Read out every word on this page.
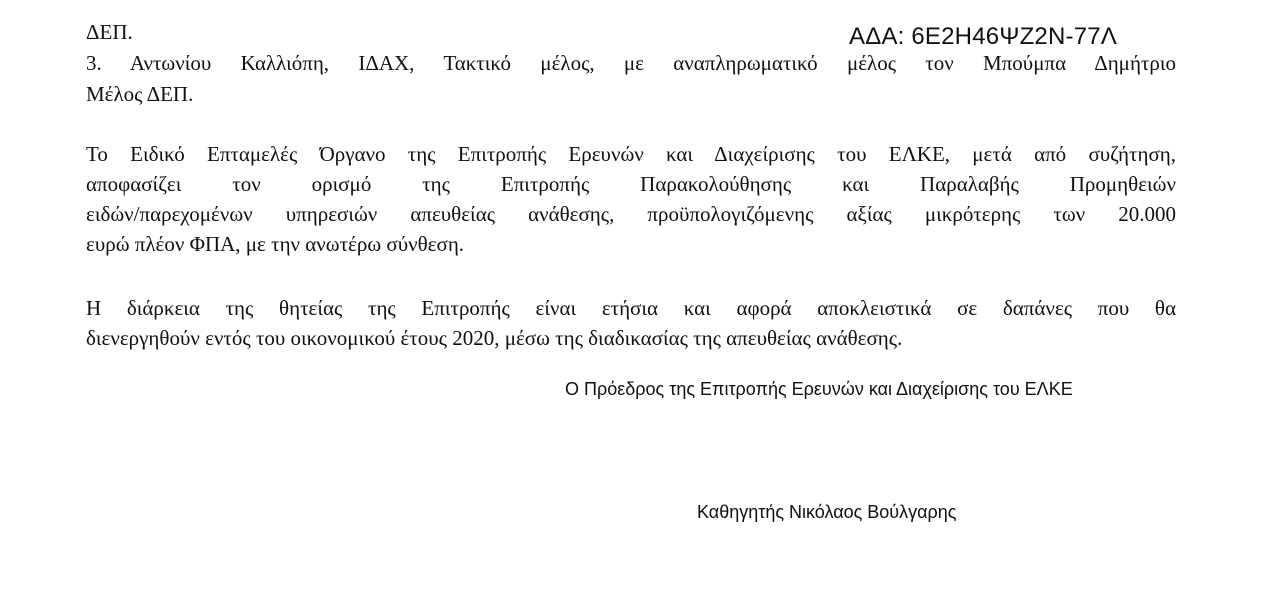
ΑΔΑ: 6Ε2Η46ΨΖ2Ν-77Λ
ΔΕΠ.
3. Αντωνίου Καλλιόπη, ΙΔΑΧ, Τακτικό μέλος, με αναπληρωματικό μέλος τον Μπούμπα Δημήτριο
Μέλος ΔΕΠ.
Το Ειδικό Επταμελές Όργανο της Επιτροπής Ερευνών και Διαχείρισης του ΕΛΚΕ, μετά από συζήτηση,
αποφασίζει τον ορισμό της Επιτροπής Παρακολούθησης και Παραλαβής Προμηθειών
ειδών/παρεχομένων υπηρεσιών απευθείας ανάθεσης, προϋπολογιζόμενης αξίας μικρότερης των 20.000
ευρώ πλέον ΦΠΑ, με την ανωτέρω σύνθεση.
Η διάρκεια της θητείας της Επιτροπής είναι ετήσια και αφορά αποκλειστικά σε δαπάνες που θα
διενεργηθούν εντός του οικονομικού έτους 2020, μέσω της διαδικασίας της απευθείας ανάθεσης.
Ο Πρόεδρος της Επιτροπής Ερευνών και Διαχείρισης του ΕΛΚΕ
Καθηγητής Νικόλαος Βούλγαρης
